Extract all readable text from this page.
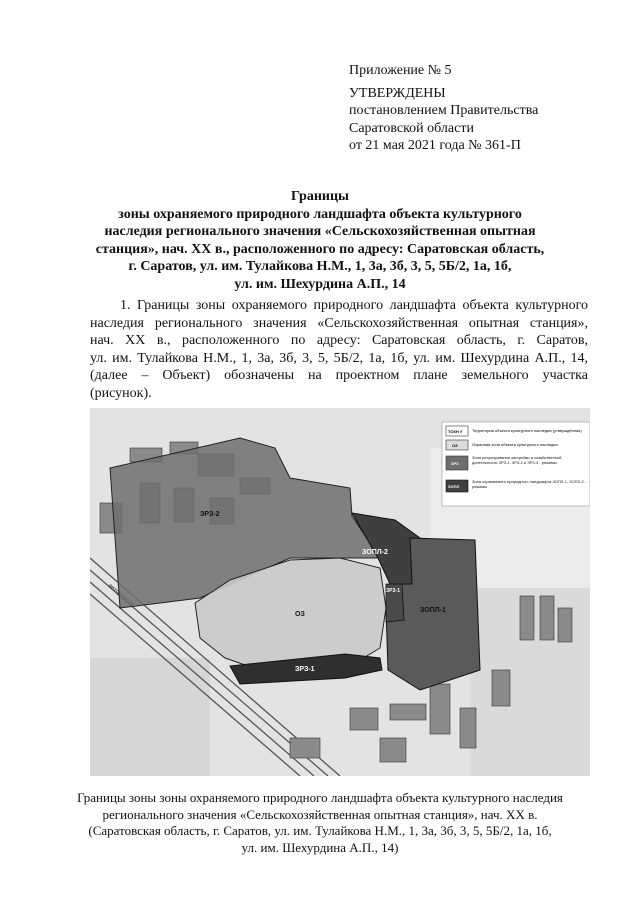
Приложение № 5
УТВЕРЖДЕНЫ
постановлением Правительства
Саратовской области
от 21 мая 2021 года № 361-П
Границы
зоны охраняемого природного ландшафта объекта культурного
наследия регионального значения «Сельскохозяйственная опытная
станция», нач. XX в., расположенного по адресу: Саратовская область,
г. Саратов, ул. им. Тулайкова Н.М., 1, 3а, 3б, 3, 5, 5Б/2, 1а, 1б,
ул. им. Шехурдина А.П., 14
1. Границы зоны охраняемого природного ландшафта объекта культурного
наследия регионального значения «Сельскохозяйственная опытная станция»,
нач. XX в., расположенного по адресу: Саратовская область, г. Саратов,
ул. им. Тулайкова Н.М., 1, 3а, 3б, 3, 5, 5Б/2, 1а, 1б, ул. им. Шехурдина А.П., 14,
(далее – Объект) обозначены на проектном плане земельного участка
(рисунок).
ЗРЗ-2
ЗОПЛ-2
ЗОПЛ-1
ОЗ
ЗРЗ-1
ЗРЗ-1
ТОКН У Территория объекта культурного наследия (утверждённая)
ОЗ	Охранная зона объекта культурного наследия
ЗРЗ
Зона регулирования застройки и хозяйственной деятельности ЗРЗ-1, ЗРЗ-2 и ЗРЗ-3 - режимы
ЗОПЛ
Зона охраняемого природного ландшафта ЗОПЛ-1, ЗОПЛ-2 - режимы
Границы зоны зоны охраняемого природного ландшафта объекта культурного наследия
регионального значения «Сельскохозяйственная опытная станция», нач. XX в.
(Саратовская область, г. Саратов, ул. им. Тулайкова Н.М., 1, 3а, 3б, 3, 5, 5Б/2, 1а, 1б,
ул. им. Шехурдина А.П., 14)
